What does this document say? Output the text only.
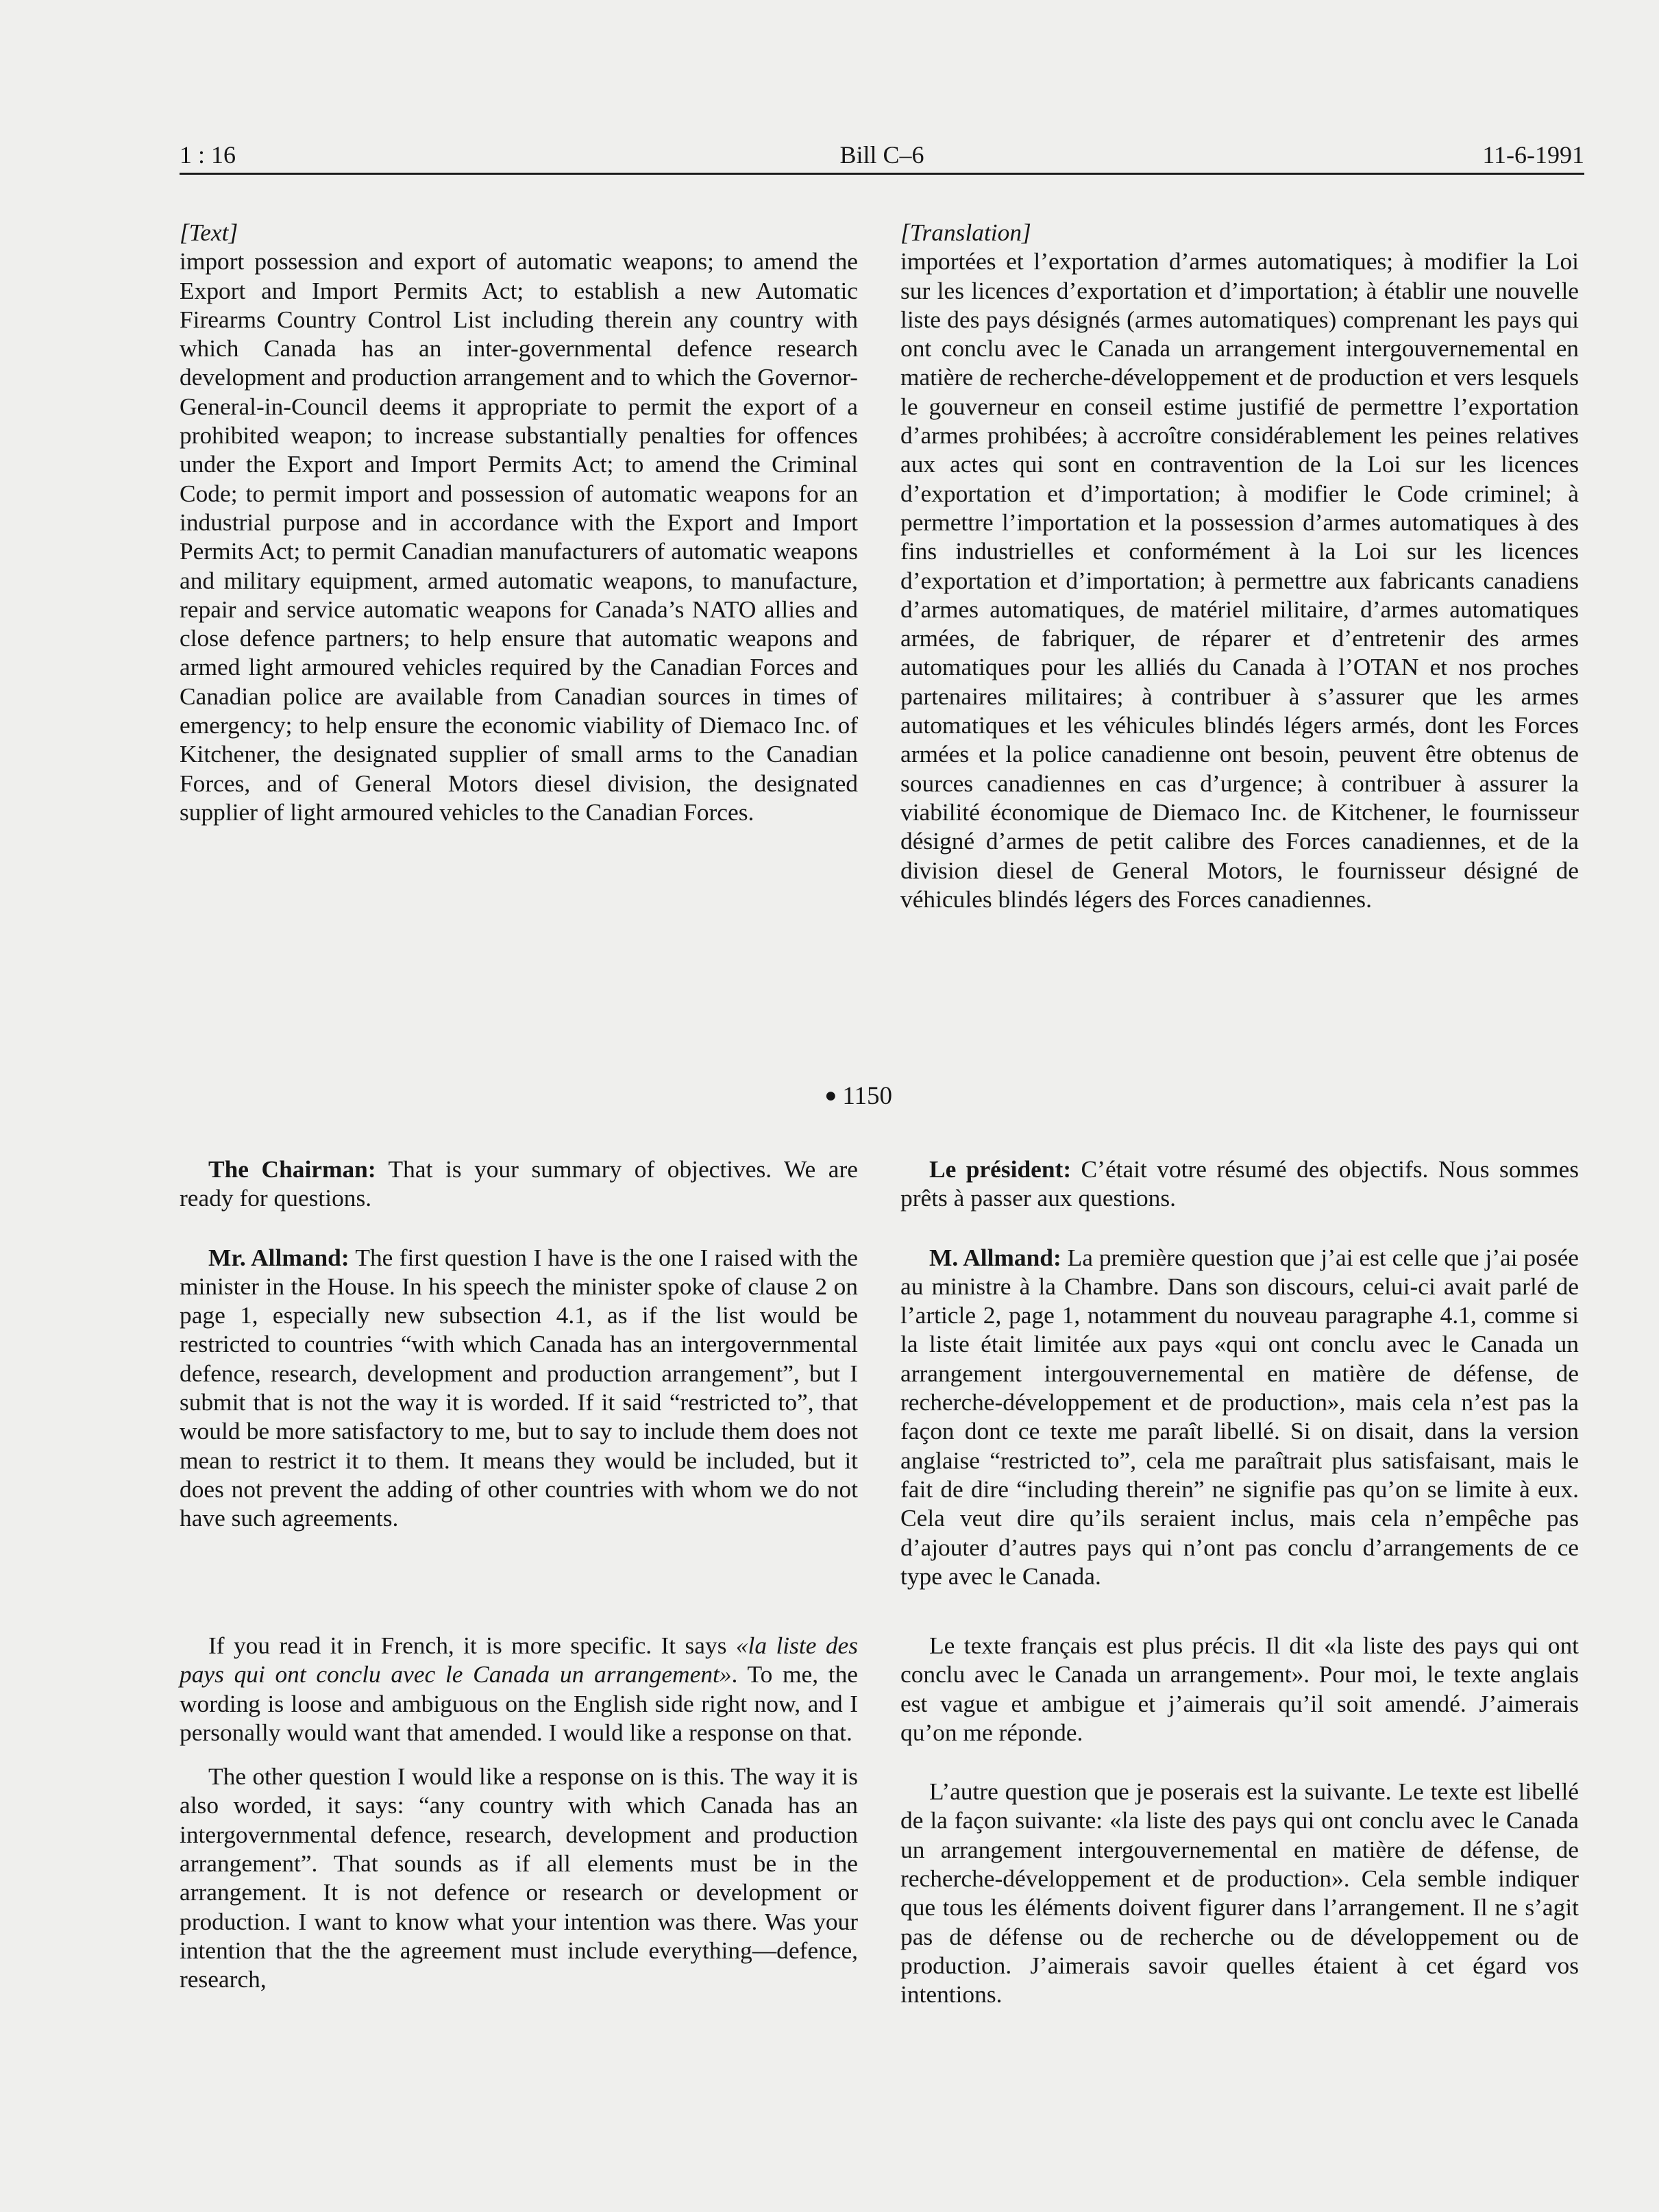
1 : 16	Bill C–6	11-6-1991

[Text]

import possession and export of automatic weapons; to amend the Export and Import Permits Act; to establish a new Automatic Firearms Country Control List including therein any country with which Canada has an inter-governmental defence research development and production arrangement and to which the Governor-General-in-Council deems it appropriate to permit the export of a prohibited weapon; to increase substantially penalties for offences under the Export and Import Permits Act; to amend the Criminal Code; to permit import and possession of automatic weapons for an industrial purpose and in accordance with the Export and Import Permits Act; to permit Canadian manufacturers of automatic weapons and military equipment, armed automatic weapons, to manufacture, repair and service automatic weapons for Canada’s NATO allies and close defence partners; to help ensure that automatic weapons and armed light armoured vehicles required by the Canadian Forces and Canadian police are available from Canadian sources in times of emergency; to help ensure the economic viability of Diemaco Inc. of Kitchener, the designated supplier of small arms to the Canadian Forces, and of General Motors diesel division, the designated supplier of light armoured vehicles to the Canadian Forces.

The Chairman: That is your summary of objectives. We are ready for questions.

Mr. Allmand: The first question I have is the one I raised with the minister in the House. In his speech the minister spoke of clause 2 on page 1, especially new subsection 4.1, as if the list would be restricted to countries “with which Canada has an intergovernmental defence, research, development and production arrangement”, but I submit that is not the way it is worded. If it said “restricted to”, that would be more satisfactory to me, but to say to include them does not mean to restrict it to them. It means they would be included, but it does not prevent the adding of other countries with whom we do not have such agreements.

If you read it in French, it is more specific. It says «la liste des pays qui ont conclu avec le Canada un arrangement». To me, the wording is loose and ambiguous on the English side right now, and I personally would want that amended. I would like a response on that.

The other question I would like a response on is this. The way it is also worded, it says: “any country with which Canada has an intergovernmental defence, research, development and production arrangement”. That sounds as if all elements must be in the arrangement. It is not defence or research or development or production. I want to know what your intention was there. Was your intention that the the agreement must include everything—defence, research,

● 1150

[Translation]

importées et l’exportation d’armes automatiques; à modifier la Loi sur les licences d’exportation et d’importation; à établir une nouvelle liste des pays désignés (armes automatiques) comprenant les pays qui ont conclu avec le Canada un arrangement intergouvernemental en matière de recherche-développement et de production et vers lesquels le gouverneur en conseil estime justifié de permettre l’exportation d’armes prohibées; à accroître considérablement les peines relatives aux actes qui sont en contravention de la Loi sur les licences d’exportation et d’importation; à modifier le Code criminel; à permettre l’importation et la possession d’armes automatiques à des fins industrielles et conformément à la Loi sur les licences d’exportation et d’importation; à permettre aux fabricants canadiens d’armes automatiques, de matériel militaire, d’armes automatiques armées, de fabriquer, de réparer et d’entretenir des armes automatiques pour les alliés du Canada à l’OTAN et nos proches partenaires militaires; à contribuer à s’assurer que les armes automatiques et les véhicules blindés légers armés, dont les Forces armées et la police canadienne ont besoin, peuvent être obtenus de sources canadiennes en cas d’urgence; à contribuer à assurer la viabilité économique de Diemaco Inc. de Kitchener, le fournisseur désigné d’armes de petit calibre des Forces canadiennes, et de la division diesel de General Motors, le fournisseur désigné de véhicules blindés légers des Forces canadiennes.

Le président: C’était votre résumé des objectifs. Nous sommes prêts à passer aux questions.

M. Allmand: La première question que j’ai est celle que j’ai posée au ministre à la Chambre. Dans son discours, celui-ci avait parlé de l’article 2, page 1, notamment du nouveau paragraphe 4.1, comme si la liste était limitée aux pays «qui ont conclu avec le Canada un arrangement intergouvernemental en matière de défense, de recherche-développement et de production», mais cela n’est pas la façon dont ce texte me paraît libellé. Si on disait, dans la version anglaise “restricted to”, cela me paraîtrait plus satisfaisant, mais le fait de dire “including therein” ne signifie pas qu’on se limite à eux. Cela veut dire qu’ils seraient inclus, mais cela n’empêche pas d’ajouter d’autres pays qui n’ont pas conclu d’arrangements de ce type avec le Canada.

Le texte français est plus précis. Il dit «la liste des pays qui ont conclu avec le Canada un arrangement». Pour moi, le texte anglais est vague et ambigue et j’aimerais qu’il soit amendé. J’aimerais qu’on me réponde.

L’autre question que je poserais est la suivante. Le texte est libellé de la façon suivante: «la liste des pays qui ont conclu avec le Canada un arrangement intergouvernemental en matière de défense, de recherche-développement et de production». Cela semble indiquer que tous les éléments doivent figurer dans l’arrangement. Il ne s’agit pas de défense ou de recherche ou de développement ou de production. J’aimerais savoir quelles étaient à cet égard vos intentions.
